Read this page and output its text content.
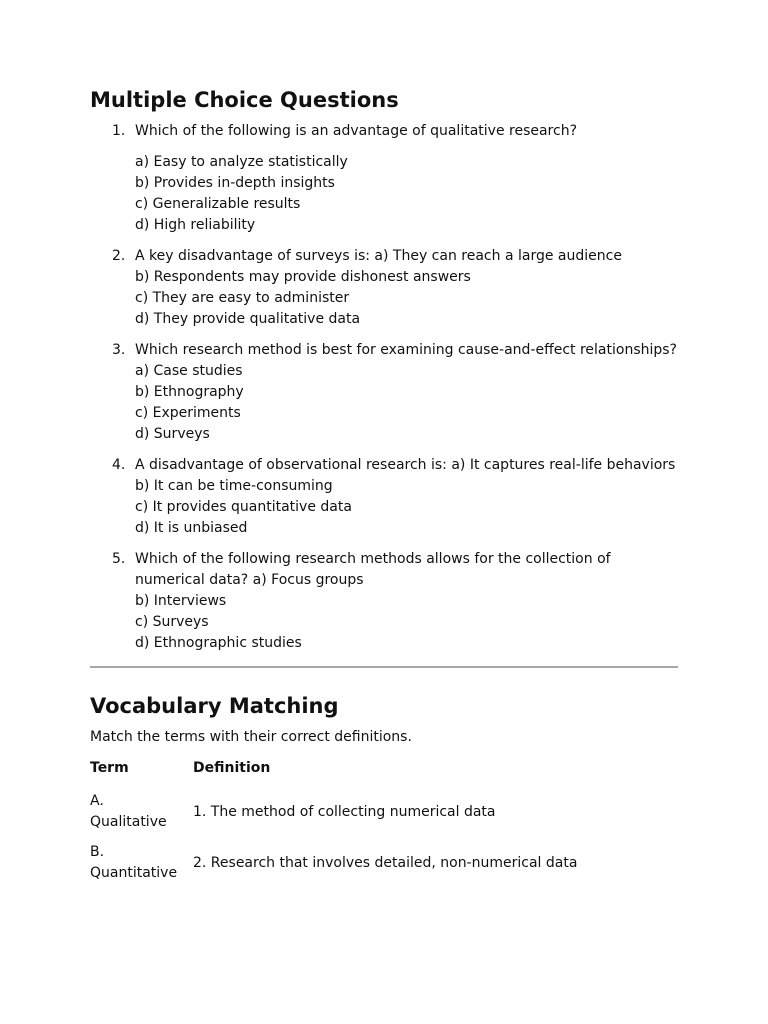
Multiple Choice Questions
1. Which of the following is an advantage of qualitative research?
a) Easy to analyze statistically
b) Provides in-depth insights
c) Generalizable results
d) High reliability
2. A key disadvantage of surveys is: a) They can reach a large audience
b) Respondents may provide dishonest answers
c) They are easy to administer
d) They provide qualitative data
3. Which research method is best for examining cause-and-effect relationships? a) Case studies
b) Ethnography
c) Experiments
d) Surveys
4. A disadvantage of observational research is: a) It captures real-life behaviors
b) It can be time-consuming
c) It provides quantitative data
d) It is unbiased
5. Which of the following research methods allows for the collection of numerical data? a) Focus groups
b) Interviews
c) Surveys
d) Ethnographic studies
Vocabulary Matching
Match the terms with their correct definitions.
Term	Definition

A.
Qualitative	1. The method of collecting numerical data

B.
Quantitative	2. Research that involves detailed, non-numerical data
